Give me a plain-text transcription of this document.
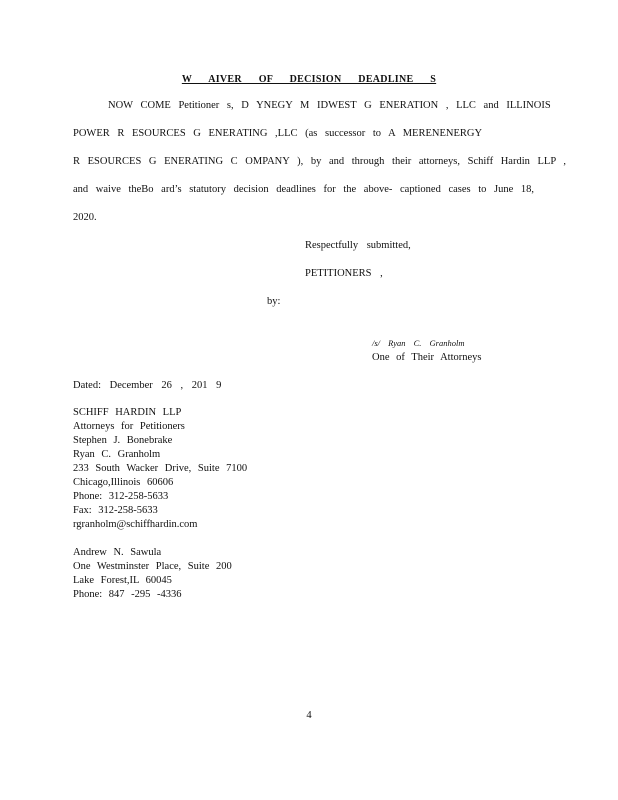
W AIVER OF DECISION DEADLINE S
NOW COME Petitioner s, D YNEGY M IDWEST G ENERATION , LLC and ILLINOIS
POWER R ESOURCES G ENERATING ,LLC (as successor to A MERENENERGY
R ESOURCES G ENERATING C OMPANY ), by and through their attorneys, Schiff Hardin LLP ,
and waive theBo ard’s statutory decision deadlines for the above- captioned cases to June 18,
2020.
Respectfully submitted,
PETITIONERS ,
by:
/s/ Ryan C. Granholm
One of Their Attorneys
Dated: December 26 , 201 9
SCHIFF HARDIN LLP
Attorneys for Petitioners
Stephen J. Bonebrake
Ryan C. Granholm
233 South Wacker Drive, Suite 7100
Chicago,Illinois 60606
Phone: 312-258-5633
Fax: 312-258-5633
rgranholm@schiffhardin.com
Andrew N. Sawula
One Westminster Place, Suite 200
Lake Forest,IL 60045
Phone: 847 -295 -4336
4
